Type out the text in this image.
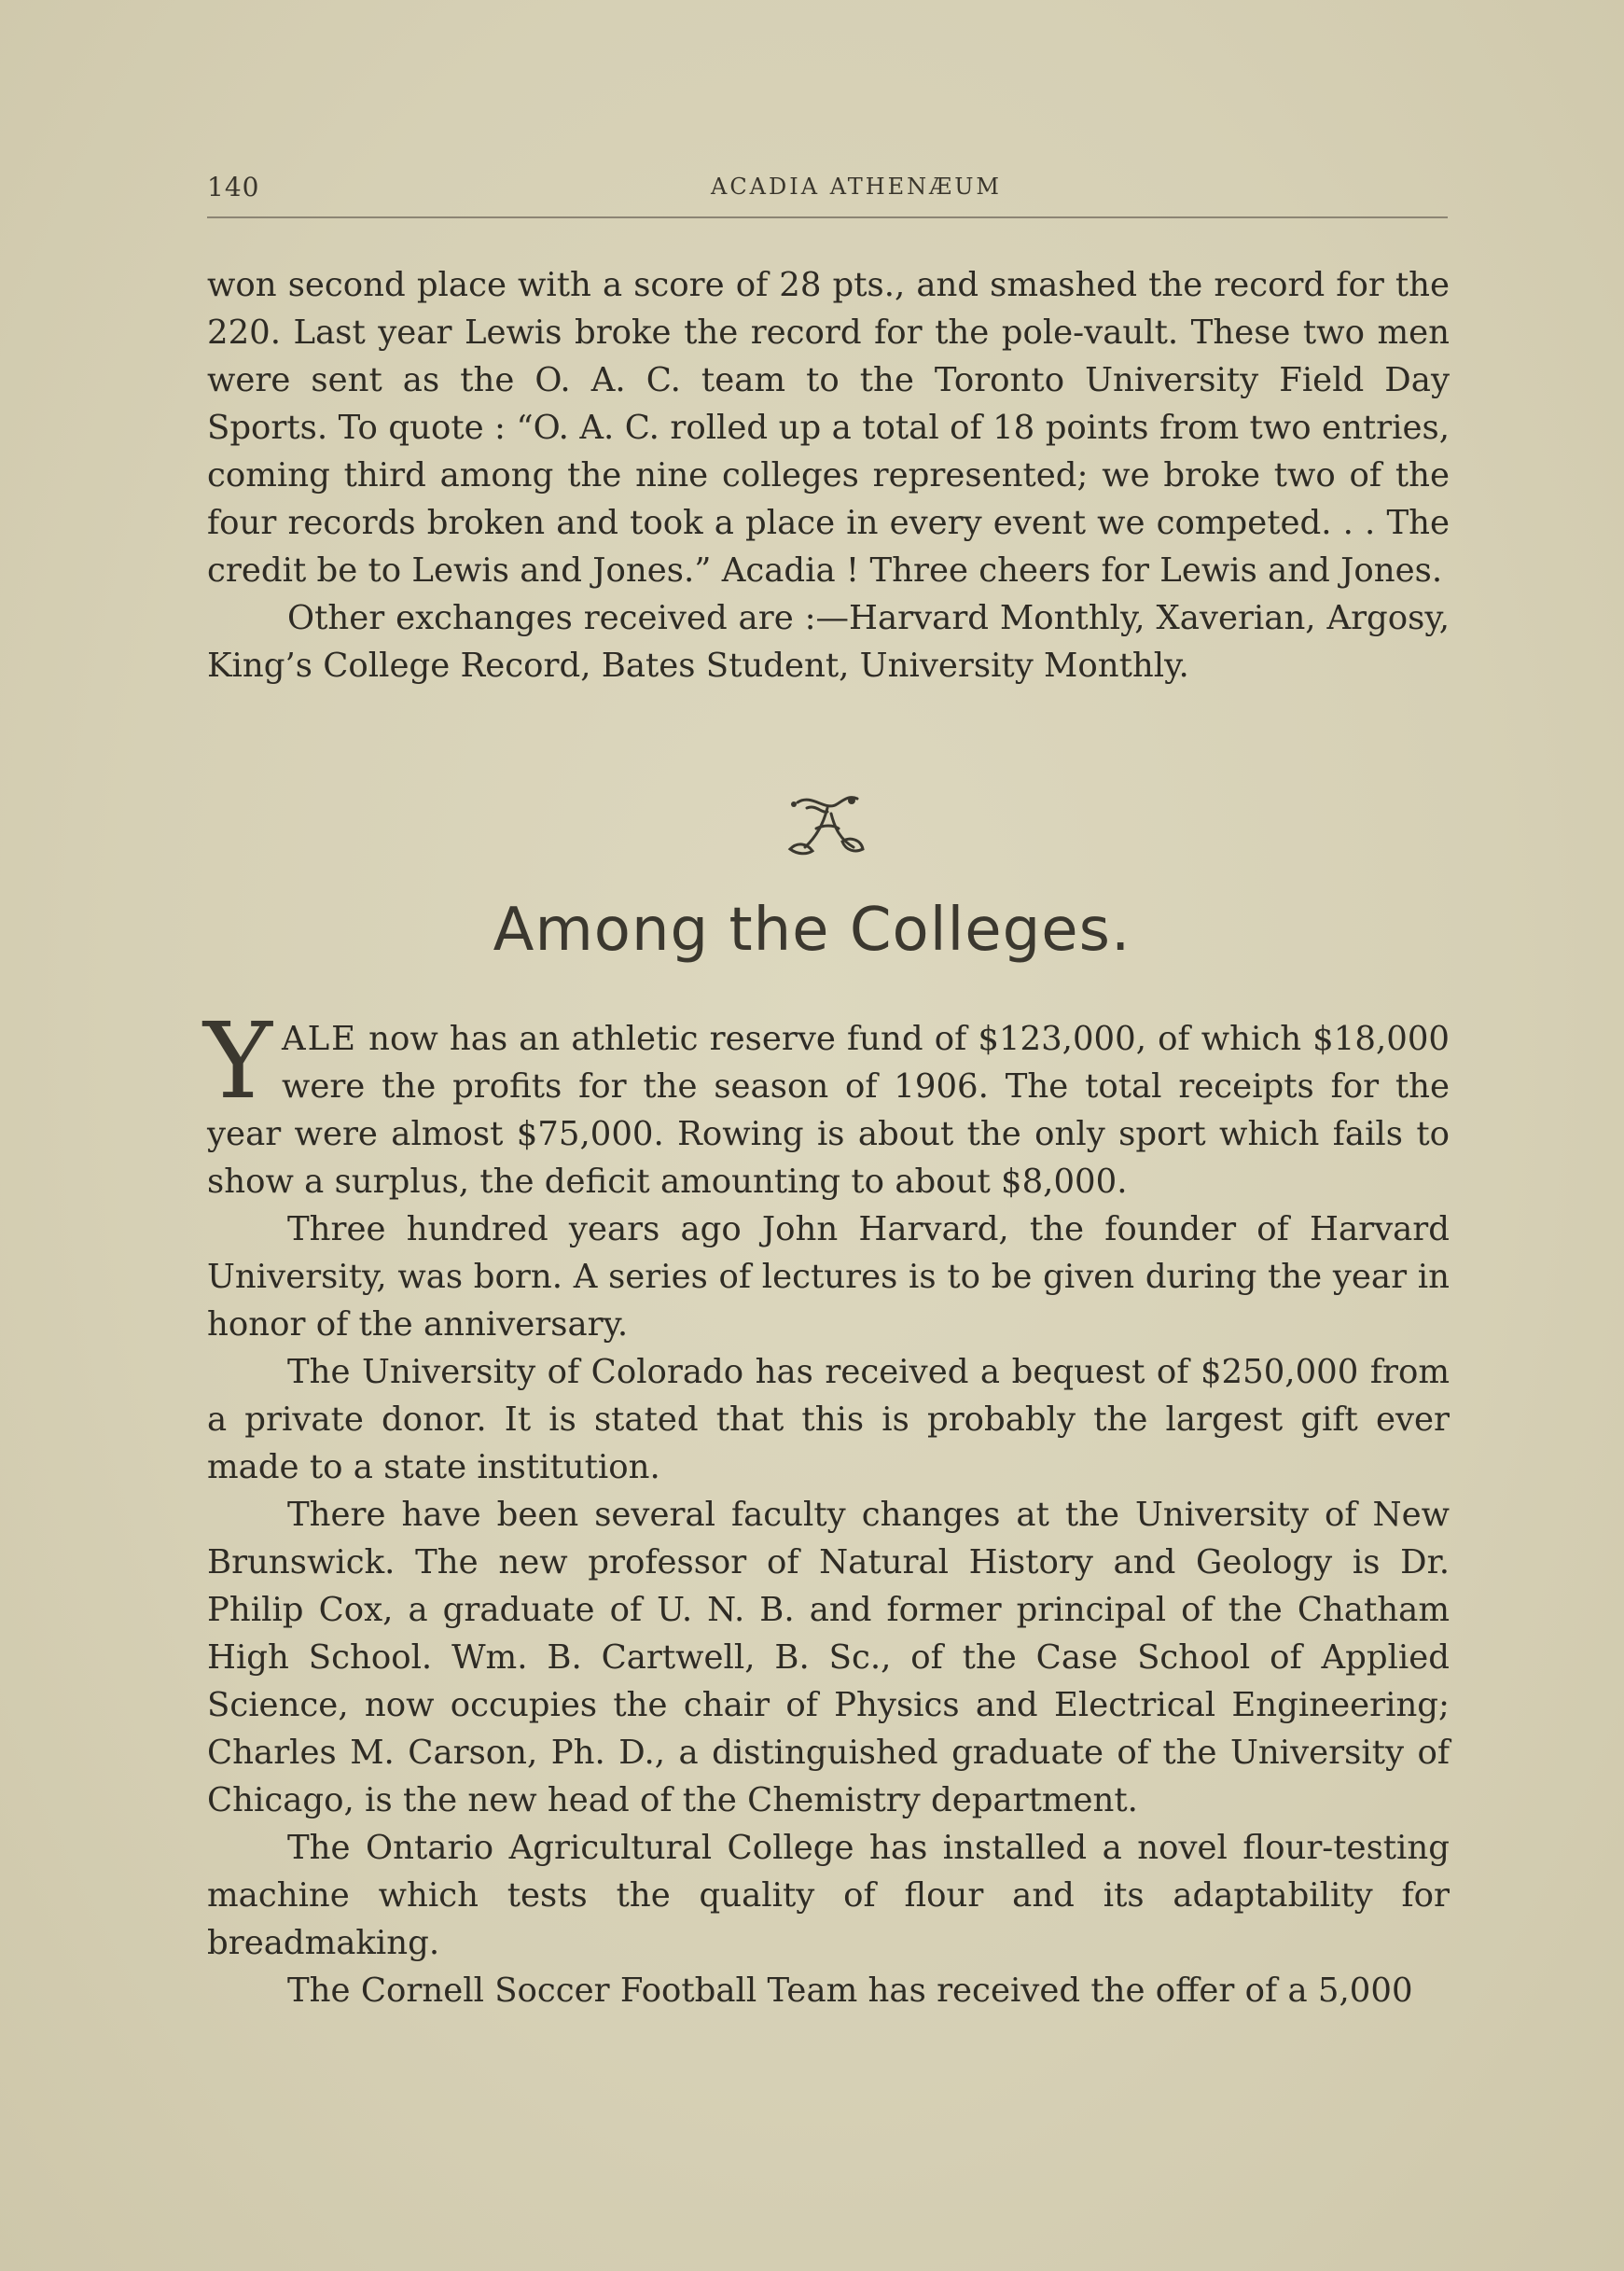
140	ACADIA ATHENÆUM

won second place with a score of 28 pts., and smashed the record for the 220. Last year Lewis broke the record for the pole-vault. These two men were sent as the O. A. C. team to the Toronto University Field Day Sports. To quote : “O. A. C. rolled up a total of 18 points from two entries, coming third among the nine colleges represented; we broke two of the four records broken and took a place in every event we competed. . . The credit be to Lewis and Jones.” Acadia ! Three cheers for Lewis and Jones.

Other exchanges received are :—Harvard Monthly, Xaverian, Argosy, King’s College Record, Bates Student, University Monthly.

Among the Colleges.

YALE now has an athletic reserve fund of $123,000, of which $18,000 were the profits for the season of 1906. The total receipts for the year were almost $75,000. Rowing is about the only sport which fails to show a surplus, the deficit amounting to about $8,000.

Three hundred years ago John Harvard, the founder of Harvard University, was born. A series of lectures is to be given during the year in honor of the anniversary.

The University of Colorado has received a bequest of $250,000 from a private donor. It is stated that this is probably the largest gift ever made to a state institution.

There have been several faculty changes at the University of New Brunswick. The new professor of Natural History and Geology is Dr. Philip Cox, a graduate of U. N. B. and former principal of the Chatham High School. Wm. B. Cartwell, B. Sc., of the Case School of Applied Science, now occupies the chair of Physics and Electrical Engineering; Charles M. Carson, Ph. D., a distinguished graduate of the University of Chicago, is the new head of the Chemistry department.

The Ontario Agricultural College has installed a novel flour-testing machine which tests the quality of flour and its adaptability for breadmaking.

The Cornell Soccer Football Team has received the offer of a 5,000
